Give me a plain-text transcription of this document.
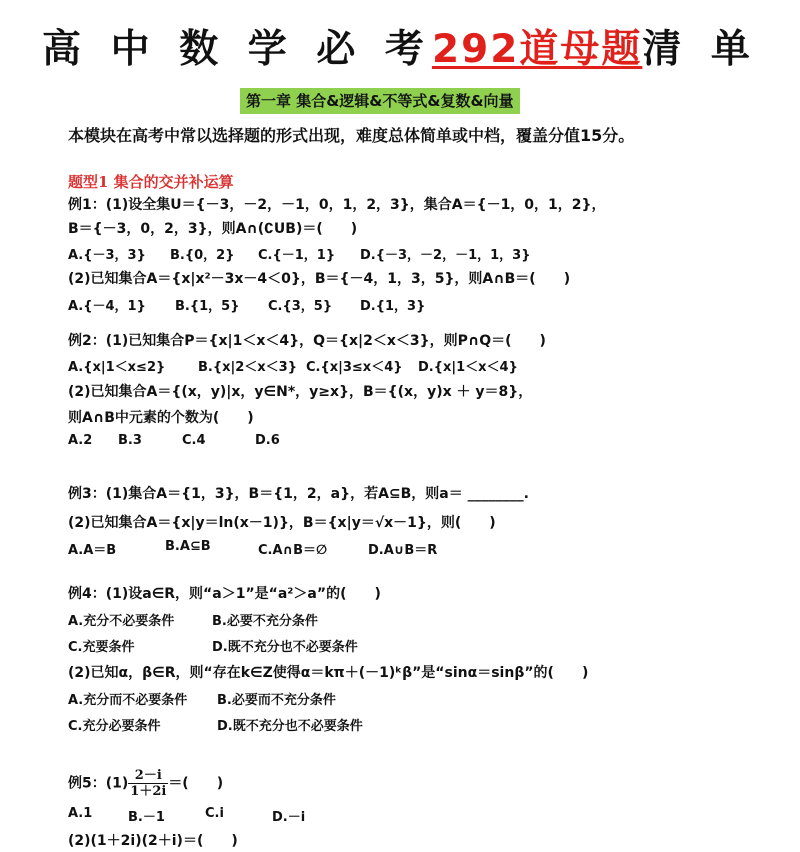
高 中 数 学 必 考292道母题清 单
第一章 集合&逻辑&不等式&复数&向量
本模块在高考中常以选择题的形式出现，难度总体简单或中档，覆盖分值15分。
题型1 集合的交并补运算
例1：(1)设全集U＝{－3，－2，－1，0，1，2，3}，集合A＝{－1，0，1，2}，
B＝{－3，0，2，3}，则A∩(∁UB)＝(　　)
A.{－3，3} B.{0，2} C.{－1，1} D.{－3，－2，－1，1，3}
(2)已知集合A＝{x|x²－3x－4＜0}，B＝{－4，1，3，5}，则A∩B＝(　　)
A.{－4，1} B.{1，5} C.{3，5} D.{1，3}
例2：(1)已知集合P＝{x|1＜x＜4}，Q＝{x|2＜x＜3}，则P∩Q＝(　　)
A.{x|1＜x≤2}	B.{x|2＜x＜3} C.{x|3≤x＜4} D.{x|1＜x＜4}
(2)已知集合A＝{(x，y)|x，y∈N*，y≥x}，B＝{(x，y)x ＋ y＝8}，
则A∩B中元素的个数为(　　)
A.2 B.3	C.4	D.6
例3：(1)集合A＝{1，3}，B＝{1，2，a}，若A⊆B，则a＝ ________.
(2)已知集合A＝{x|y＝ln(x－1)}，B＝{x|y＝√x－1}，则(　　)
A.A＝B	B.A⊆B	C.A∩B＝∅	D.A∪B＝R
例4：(1)设a∈R，则“a＞1”是“a²＞a”的(　　)
A.充分不必要条件	B.必要不充分条件
C.充要条件	D.既不充分也不必要条件
(2)已知α，β∈R，则“存在k∈Z使得α＝kπ＋(－1)ᵏβ”是“sinα＝sinβ”的(　　)
A.充分而不必要条件 B.必要而不充分条件
C.充分必要条件	D.既不充分也不必要条件
例5：$(1) \frac{2-i}{1+2i}$ ＝(　　)
A.1	B.－1	C.i	D.－i
(2)(1＋2i)(2＋i)＝(　　)
